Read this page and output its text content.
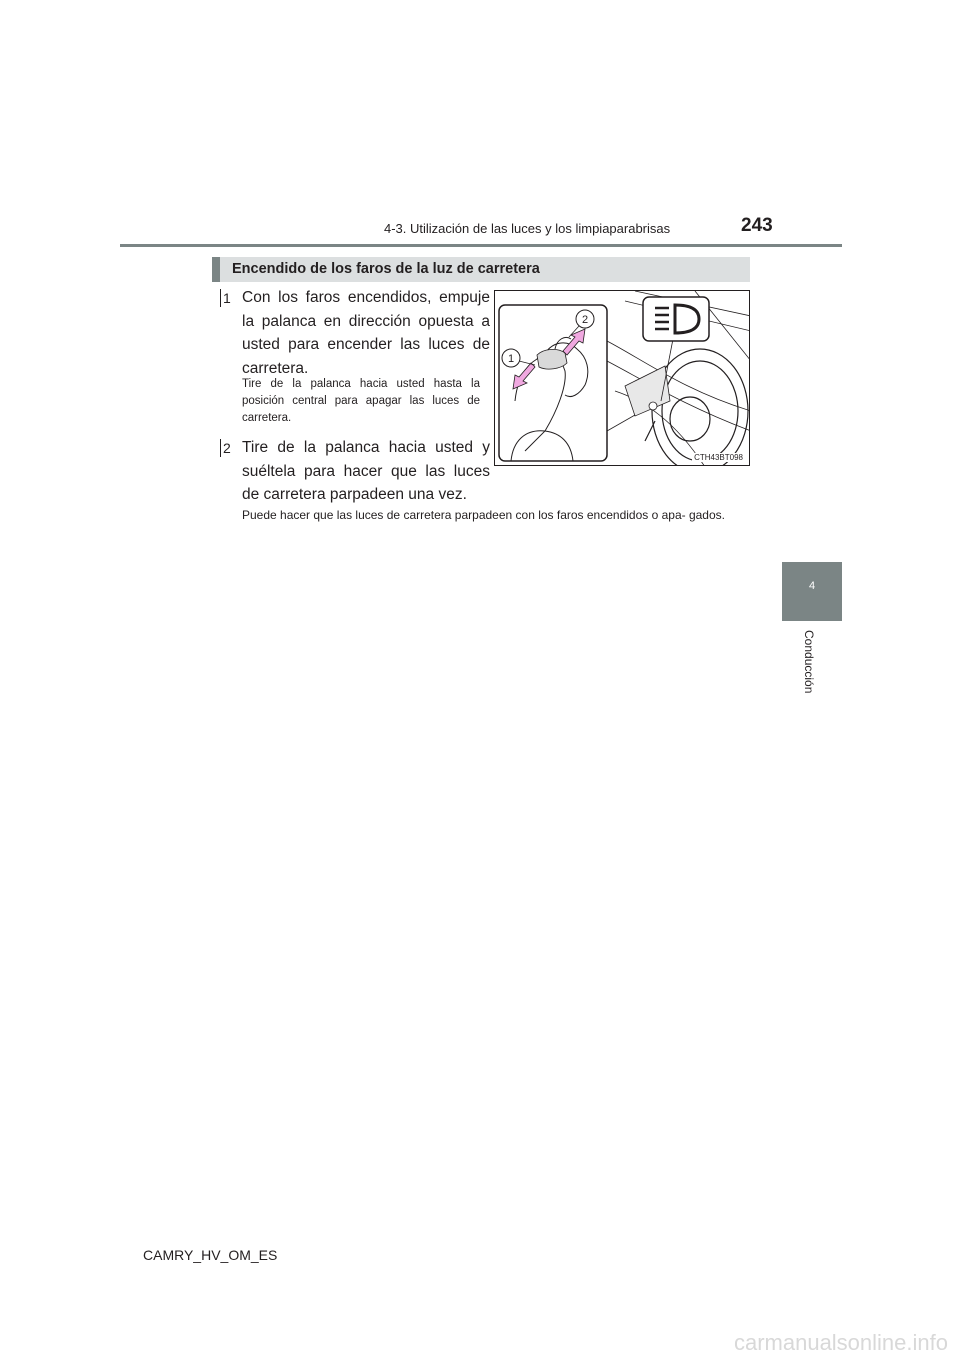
4-3. Utilización de las luces y los limpiaparabrisas	243
4
Conducción
Encendido de los faros de la luz de carretera
1 Con los faros encendidos, empuje la palanca en dirección opuesta a usted para encender las luces de carretera.
Tire de la palanca hacia usted hasta la posición central para apagar las luces de carretera.
2 Tire de la palanca hacia usted y suéltela para hacer que las luces de carretera parpadeen una vez.
Puede hacer que las luces de carretera parpadeen con los faros encendidos o apa- gados.
1
2
CTH43BT098
CAMRY_HV_OM_ES
carmanualsonline.info
